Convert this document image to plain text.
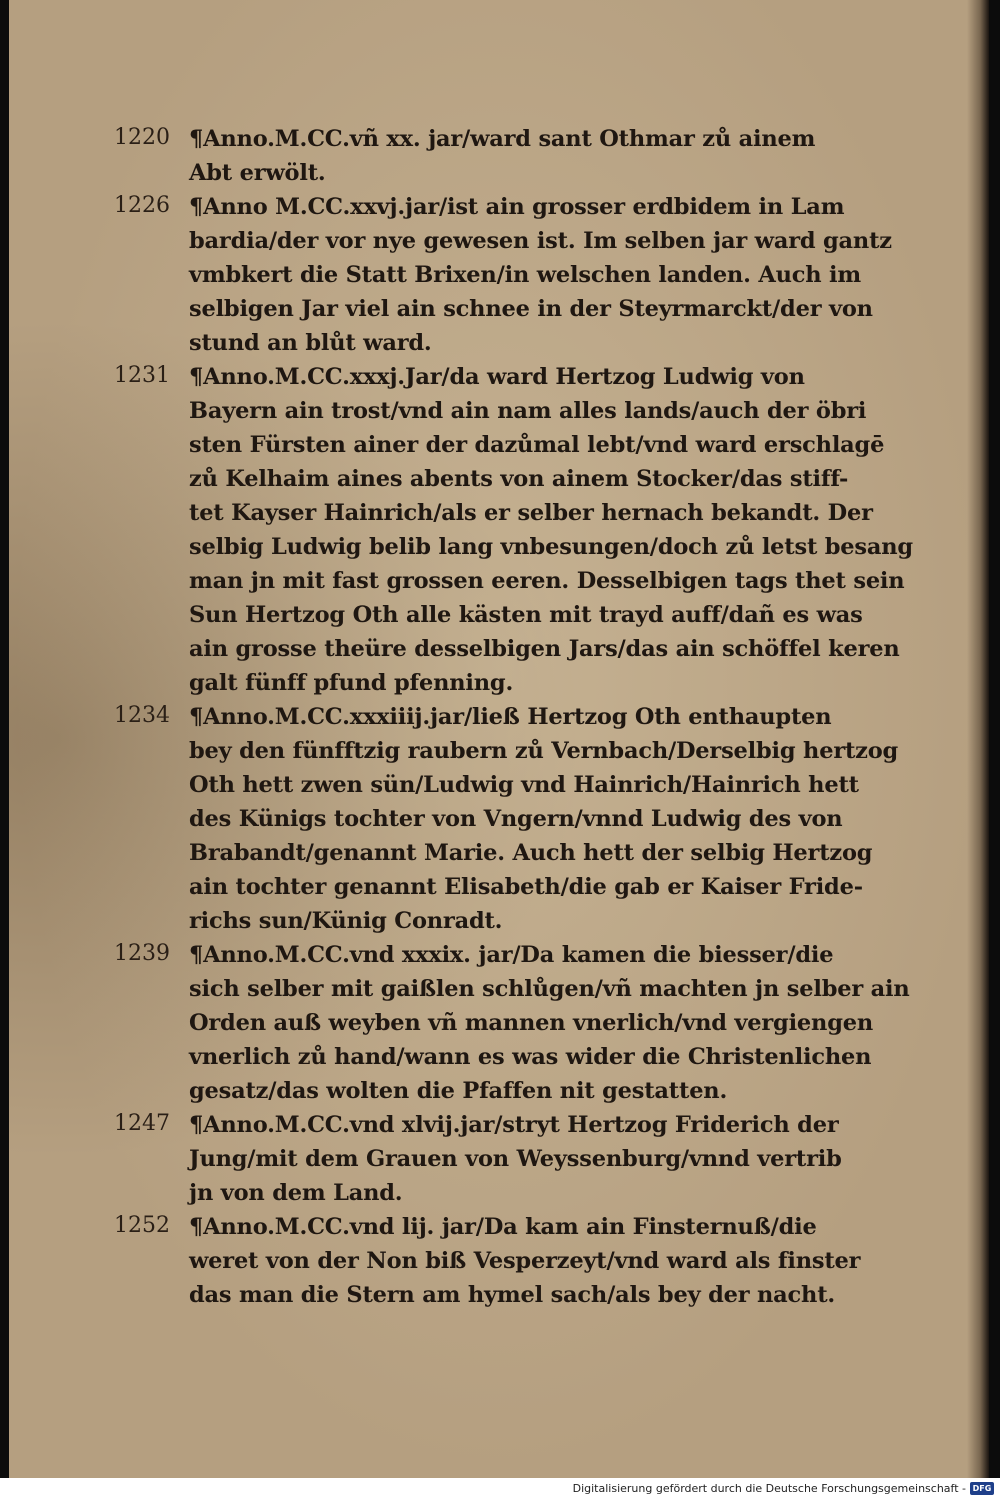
1220 ¶Anno.M.CC.vñ xx. jar/ward sant Othmar zů ainem
Abt erwölt.
1226 ¶Anno M.CC.xxvj.jar/ist ain grosser erdbidem in Lam
bardia/der vor nye gewesen ist. Im selben jar ward gantz
vmbkert die Statt Brixen/in welschen landen. Auch im
selbigen Jar viel ain schnee in der Steyrmarckt/der von
stund an blůt ward.
1231 ¶Anno.M.CC.xxxj.Jar/da ward Hertzog Ludwig von
Bayern ain trost/vnd ain nam alles lands/auch der öbri
sten Fürsten ainer der dazůmal lebt/vnd ward erschlagē
zů Kelhaim aines abents von ainem Stocker/das stiff-
tet Kayser Hainrich/als er selber hernach bekandt. Der
selbig Ludwig belib lang vnbesungen/doch zů letst besang
man jn mit fast grossen eeren. Desselbigen tags thet sein
Sun Hertzog Oth alle kästen mit trayd auff/dañ es was
ain grosse theüre desselbigen Jars/das ain schöffel keren
galt fünff pfund pfenning.
1234 ¶Anno.M.CC.xxxiiij.jar/ließ Hertzog Oth enthaupten
bey den fünfftzig raubern zů Vernbach/Derselbig hertzog
Oth hett zwen sün/Ludwig vnd Hainrich/Hainrich hett
des Künigs tochter von Vngern/vnnd Ludwig des von
Brabandt/genannt Marie. Auch hett der selbig Hertzog
ain tochter genannt Elisabeth/die gab er Kaiser Fride-
richs sun/Künig Conradt.
1239 ¶Anno.M.CC.vnd xxxix. jar/Da kamen die biesser/die
sich selber mit gaißlen schlůgen/vñ machten jn selber ain
Orden auß weyben vñ mannen vnerlich/vnd vergiengen
vnerlich zů hand/wann es was wider die Christenlichen
gesatz/das wolten die Pfaffen nit gestatten.
1247 ¶Anno.M.CC.vnd xlvij.jar/stryt Hertzog Friderich der
Jung/mit dem Grauen von Weyssenburg/vnnd vertrib
jn von dem Land.
1252 ¶Anno.M.CC.vnd lij. jar/Da kam ain Finsternuß/die
weret von der Non biß Vesperzeyt/vnd ward als finster
das man die Stern am hymel sach/als bey der nacht.
Digitalisierung gefördert durch die Deutsche Forschungsgemeinschaft - DFG
